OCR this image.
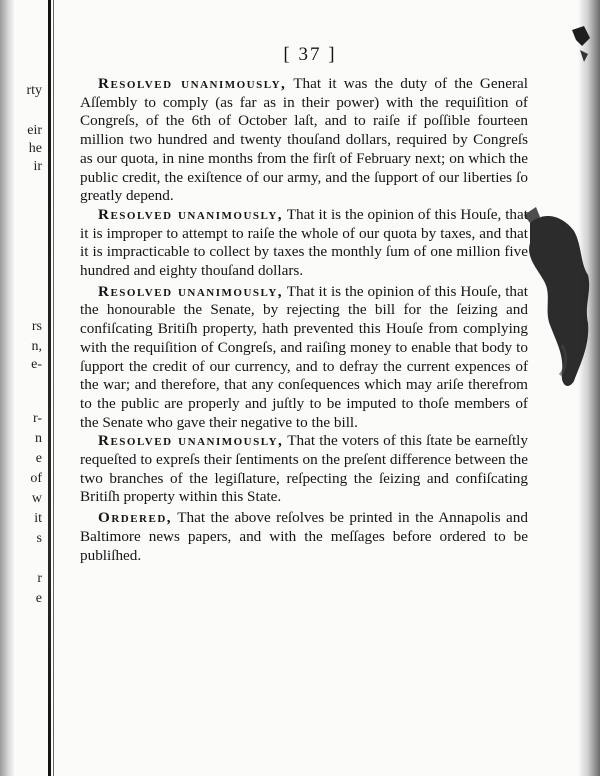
rty
eir
he
ir
rs
n,
e-
r-
n
e
of
w
it
s
r
e
[ 37 ]

Resolved unanimously, That it was the duty of the General Aſſembly to comply (as far as in their power) with the requiſition of Congreſs, of the 6th of October laſt, and to raiſe if poſſible fourteen million two hundred and twenty thouſand dollars, required by Congreſs as our quota, in nine months from the firſt of February next; on which the public credit, the exiſtence of our army, and the ſupport of our liberties ſo greatly depend.

Resolved unanimously, That it is the opinion of this Houſe, that it is improper to attempt to raiſe the whole of our quota by taxes, and that it is impracticable to collect by taxes the monthly ſum of one million five hundred and eighty thouſand dollars.

Resolved unanimously, That it is the opinion of this Houſe, that the honourable the Senate, by rejecting the bill for the ſeizing and confiſcating Britiſh property, hath prevented this Houſe from complying with the requiſition of Congreſs, and raiſing money to enable that body to ſupport the credit of our currency, and to defray the current expences of the war; and therefore, that any conſequences which may ariſe therefrom to the public are properly and juſtly to be imputed to thoſe members of the Senate who gave their negative to the bill.

Resolved unanimously, That the voters of this ſtate be earneſtly requeſted to expreſs their ſentiments on the preſent difference between the two branches of the legiſlature, reſpecting the ſeizing and confiſcating Britiſh property within this State.

Ordered, That the above reſolves be printed in the Annapolis and Baltimore news papers, and with the meſſages before ordered to be publiſhed.
